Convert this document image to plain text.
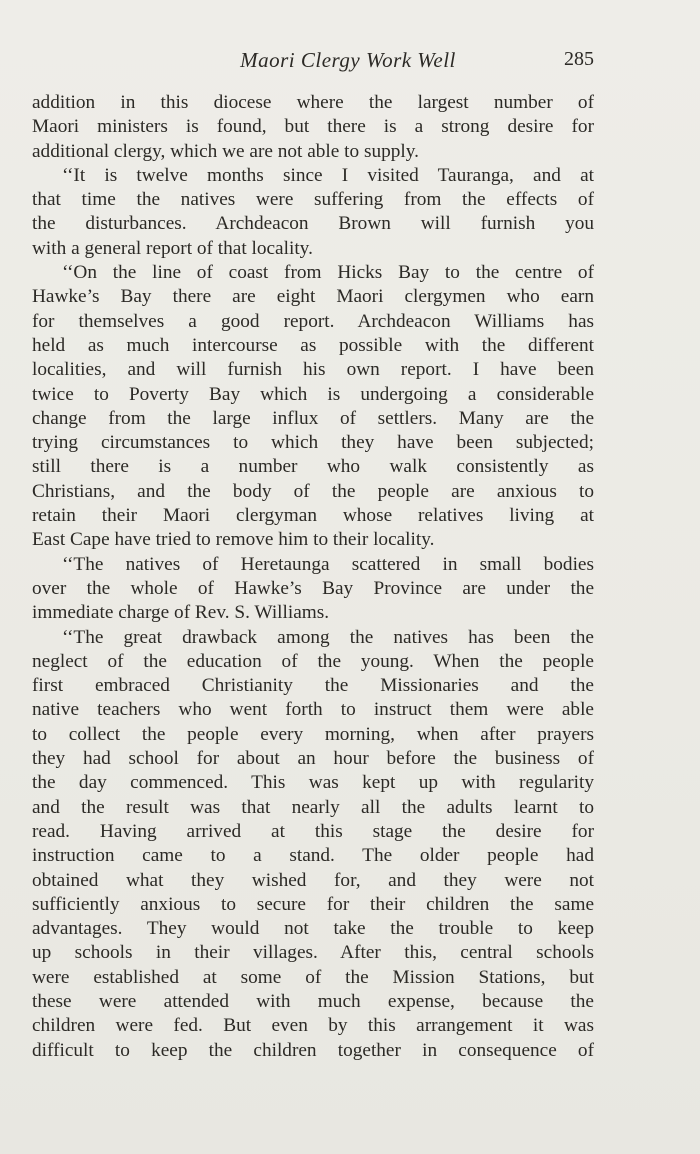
Maori Clergy Work Well	285
addition in this diocese where the largest number of
Maori ministers is found, but there is a strong desire for
additional clergy, which we are not able to supply.
‘‘It is twelve months since I visited Tauranga, and at
that time the natives were suffering from the effects of
the disturbances. Archdeacon Brown will furnish you
with a general report of that locality.
‘‘On the line of coast from Hicks Bay to the centre of
Hawke’s Bay there are eight Maori clergymen who earn
for themselves a good report. Archdeacon Williams has
held as much intercourse as possible with the different
localities, and will furnish his own report. I have been
twice to Poverty Bay which is undergoing a considerable
change from the large influx of settlers. Many are the
trying circumstances to which they have been subjected;
still there is a number who walk consistently as
Christians, and the body of the people are anxious to
retain their Maori clergyman whose relatives living at
East Cape have tried to remove him to their locality.
‘‘The natives of Heretaunga scattered in small bodies
over the whole of Hawke’s Bay Province are under the
immediate charge of Rev. S. Williams.
‘‘The great drawback among the natives has been the
neglect of the education of the young. When the people
first embraced Christianity the Missionaries and the
native teachers who went forth to instruct them were able
to collect the people every morning, when after prayers
they had school for about an hour before the business of
the day commenced. This was kept up with regularity
and the result was that nearly all the adults learnt to
read. Having arrived at this stage the desire for
instruction came to a stand. The older people had
obtained what they wished for, and they were not
sufficiently anxious to secure for their children the same
advantages. They would not take the trouble to keep
up schools in their villages. After this, central schools
were established at some of the Mission Stations, but
these were attended with much expense, because the
children were fed. But even by this arrangement it was
difficult to keep the children together in consequence of
